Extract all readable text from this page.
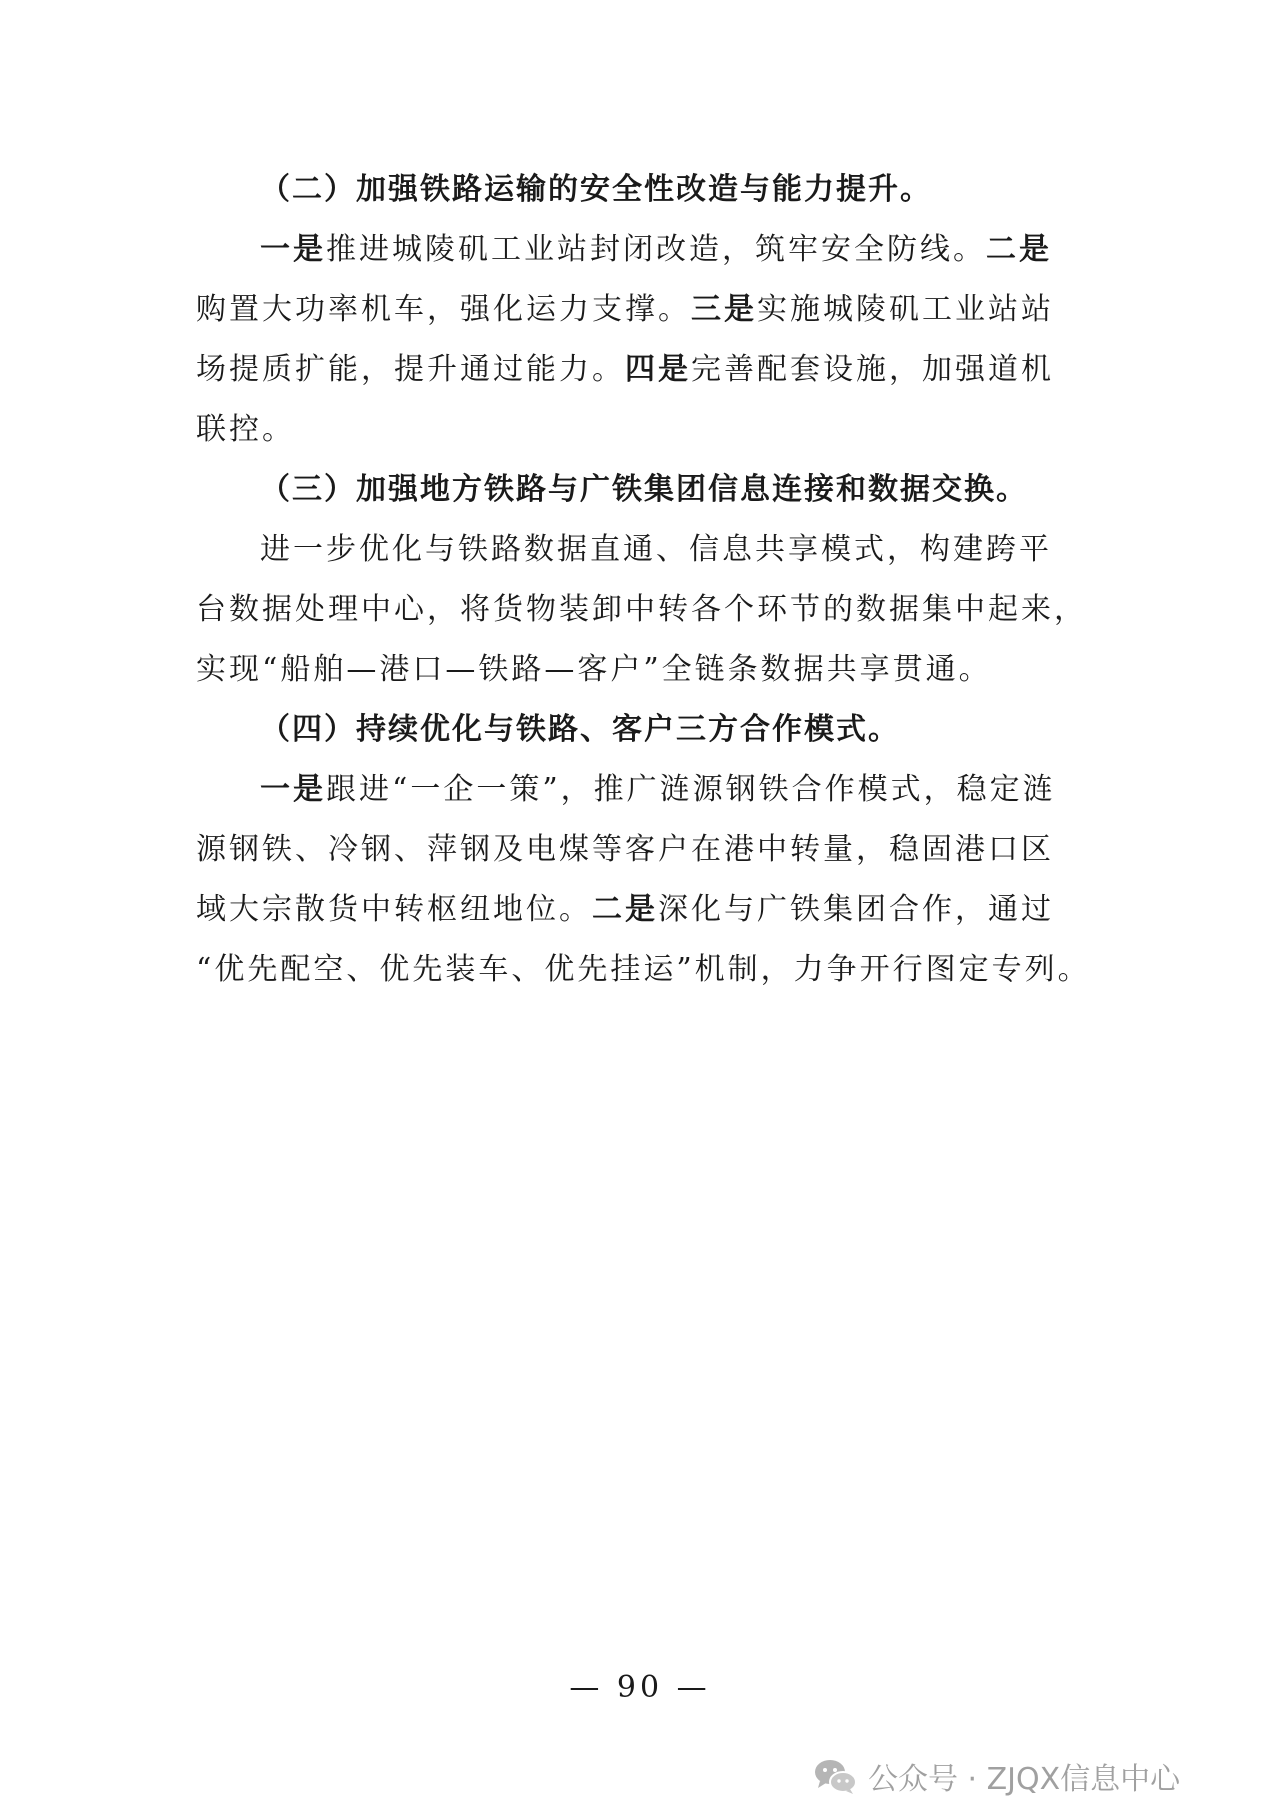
（二）加强铁路运输的安全性改造与能力提升。

一是推进城陵矶工业站封闭改造，筑牢安全防线。二是
购置大功率机车，强化运力支撑。三是实施城陵矶工业站站
场提质扩能，提升通过能力。四是完善配套设施，加强道机
联控。

（三）加强地方铁路与广铁集团信息连接和数据交换。

进一步优化与铁路数据直通、信息共享模式，构建跨平
台数据处理中心，将货物装卸中转各个环节的数据集中起来，
实现“船舶—港口—铁路—客户”全链条数据共享贯通。

（四）持续优化与铁路、客户三方合作模式。

一是跟进“一企一策”，推广涟源钢铁合作模式，稳定涟
源钢铁、冷钢、萍钢及电煤等客户在港中转量，稳固港口区
域大宗散货中转枢纽地位。二是深化与广铁集团合作，通过
“优先配空、优先装车、优先挂运”机制，力争开行图定专列。

— 90 —
公众号 · ZJQX信息中心
